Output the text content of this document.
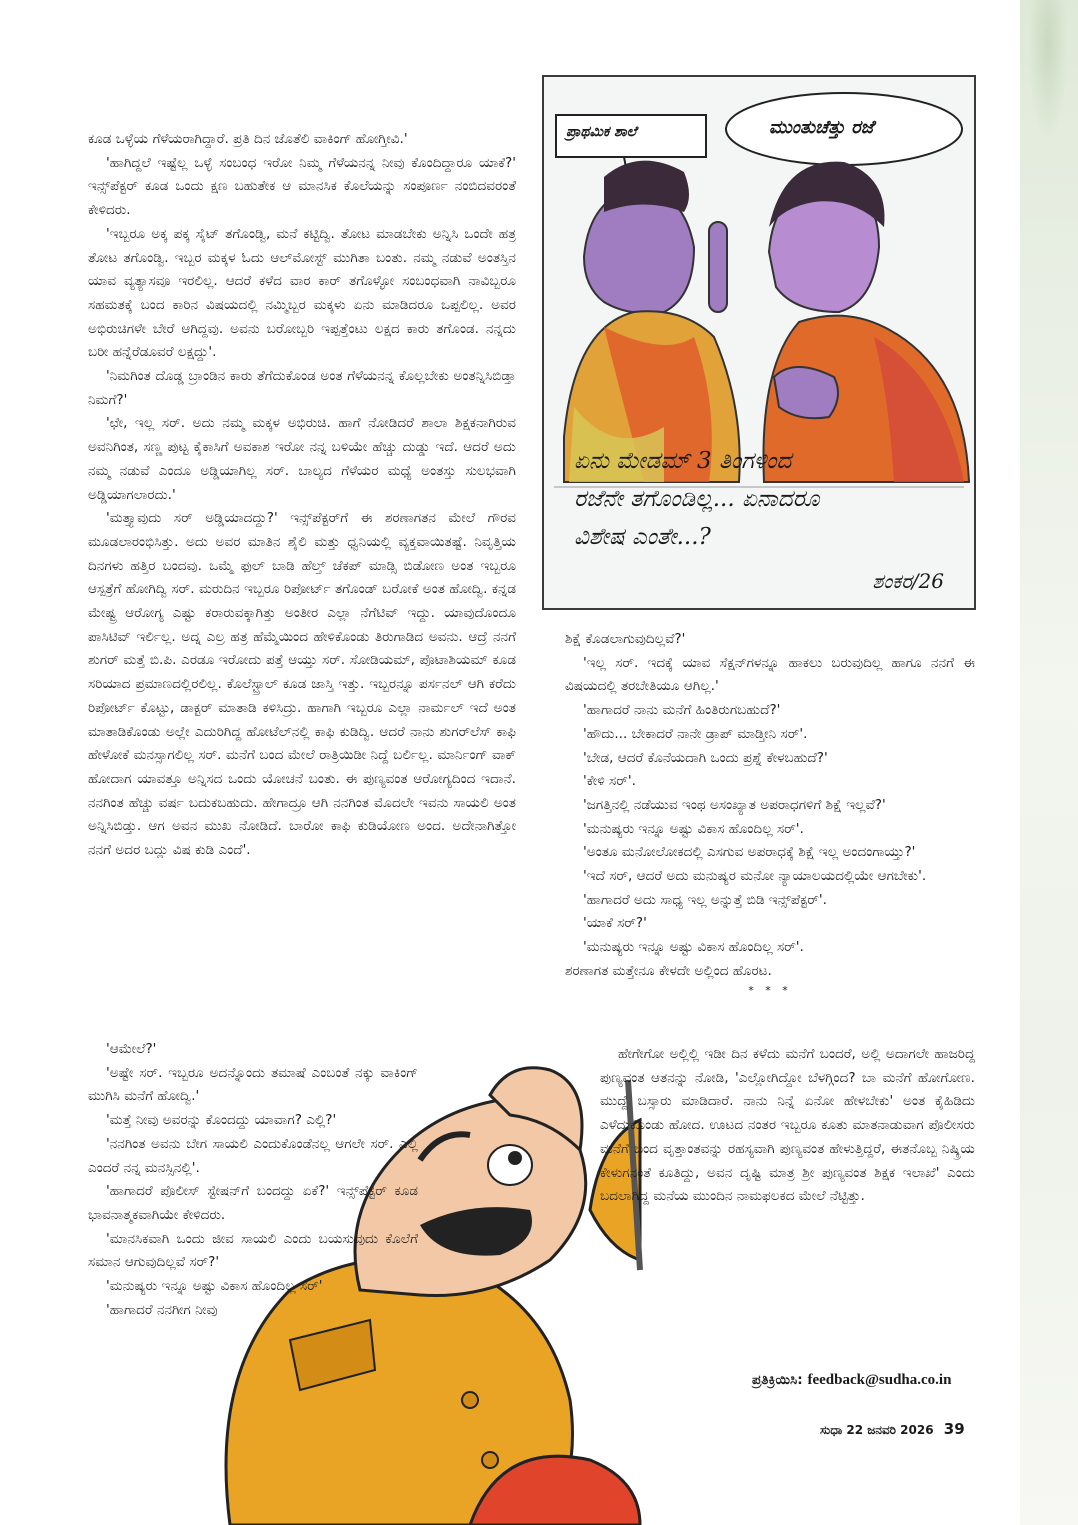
ಪ್ರಾಥಮಿಕ ಶಾಲೆ	ಮುಂತುಚೆತ್ತು ರಜೆ
ಏನು ಮೇಡಮ್ 3 ತಿಂಗಳಿಂದ
ರಜೆನೇ ತಗೊಂಡಿಲ್ಲ... ಏನಾದರೂ
ವಿಶೇಷ ಎಂತೇ...?
ಶಂಕರ/26

ಕೂಡ ಒಳ್ಳೆಯ ಗೆಳೆಯರಾಗಿದ್ದಾರೆ. ಪ್ರತಿ ದಿನ ಜೊತೆಲಿ ವಾಕಿಂಗ್ ಹೋಗ್ತೀವಿ.'

'ಹಾಗಿದ್ದಲೆ ಇಷ್ಟೆಲ್ಲ ಒಳ್ಳೆ ಸಂಬಂಧ ಇರೋ ನಿಮ್ಮ ಗೆಳೆಯನನ್ನ ನೀವು ಕೊಂದಿದ್ದಾರೂ ಯಾಕೆ?' ಇನ್ಸ್‌ಪೆಕ್ಟರ್ ಕೂಡ ಒಂದು ಕ್ಷಣ ಬಹುತೇಕ ಆ ಮಾನಸಿಕ ಕೊಲೆಯನ್ನು ಸಂಪೂರ್ಣ ನಂಬಿದವರಂತೆ ಕೇಳಿದರು.

'ಇಬ್ಬರೂ ಅಕ್ಕ ಪಕ್ಕ ಸೈಟ್ ತಗೊಂಡ್ವಿ, ಮನೆ ಕಟ್ಟಿದ್ವಿ. ತೋಟ ಮಾಡಬೇಕು ಅನ್ನಿಸಿ ಒಂದೇ ಹತ್ರ ತೋಟ ತಗೊಂಡ್ವಿ. ಇಬ್ಬರ ಮಕ್ಕಳ ಓದು ಆಲ್‌ಮೋಸ್ಟ್ ಮುಗಿತಾ ಬಂತು. ನಮ್ಮ ನಡುವೆ ಅಂತಸ್ತಿನ ಯಾವ ವ್ಯತ್ಯಾಸವೂ ಇರಲಿಲ್ಲ. ಆದರೆ ಕಳೆದ ವಾರ ಕಾರ್ ತಗೊಳ್ಳೋ ಸಂಬಂಧವಾಗಿ ನಾವಿಬ್ಬರೂ ಸಹಮತಕ್ಕೆ ಬಂದ ಕಾರಿನ ವಿಷಯದಲ್ಲಿ ನಮ್ಮಿಬ್ಬರ ಮಕ್ಕಳು ಏನು ಮಾಡಿದರೂ ಒಪ್ಪಲಿಲ್ಲ. ಅವರ ಅಭಿರುಚಿಗಳೇ ಬೇರೆ ಆಗಿದ್ದವು. ಅವನು ಬರೋಬ್ಬರಿ ಇಪ್ಪತ್ತೆಂಟು ಲಕ್ಷದ ಕಾರು ತಗೊಂಡ. ನನ್ನದು ಬರೀ ಹನ್ನೆರೆಡೂವರೆ ಲಕ್ಷದ್ದು'.

'ನಿಮಗಿಂತ ದೊಡ್ಡ ಬ್ರಾಂಡಿನ ಕಾರು ತೆಗೆದುಕೊಂಡ ಅಂತ ಗೆಳೆಯನನ್ನ ಕೊಲ್ಲಬೇಕು ಅಂತನ್ನಿಸಿಬಿಡ್ತಾ ನಿಮಗೆ?'

'ಛೇ, ಇಲ್ಲ ಸರ್. ಅದು ನಮ್ಮ ಮಕ್ಕಳ ಅಭಿರುಚಿ. ಹಾಗೆ ನೋಡಿದರೆ ಶಾಲಾ ಶಿಕ್ಷಕನಾಗಿರುವ ಅವನಿಗಿಂತ, ಸಣ್ಣ ಪುಟ್ಟ ಕೈಕಾಸಿಗೆ ಅವಕಾಶ ಇರೋ ನನ್ನ ಬಳಿಯೇ ಹೆಚ್ಚು ದುಡ್ಡು ಇದೆ. ಆದರೆ ಅದು ನಮ್ಮ ನಡುವೆ ಎಂದೂ ಅಡ್ಡಿಯಾಗಿಲ್ಲ ಸರ್. ಬಾಲ್ಯದ ಗೆಳೆಯರ ಮಧ್ಯೆ ಅಂತಸ್ತು ಸುಲಭವಾಗಿ ಅಡ್ಡಿಯಾಗಲಾರದು.'

'ಮತ್ತ್ಯಾವುದು ಸರ್ ಅಡ್ಡಿಯಾದದ್ದು?' ಇನ್ಸ್‌ಪೆಕ್ಟರ್‌ಗೆ ಈ ಶರಣಾಗತನ ಮೇಲೆ ಗೌರವ ಮೂಡಲಾರಂಭಿಸಿತ್ತು. ಅದು ಅವರ ಮಾತಿನ ಶೈಲಿ ಮತ್ತು ಧ್ವನಿಯಲ್ಲಿ ವ್ಯಕ್ತವಾಯಿತಷ್ಟೆ. ನಿವೃತ್ತಿಯ ದಿನಗಳು ಹತ್ತಿರ ಬಂದವು. ಒಮ್ಮೆ ಫುಲ್ ಬಾಡಿ ಹೆಲ್ತ್ ಚೆಕಪ್ ಮಾಡ್ಸಿ ಬಿಡೋಣ ಅಂತ ಇಬ್ಬರೂ ಆಸ್ಪತ್ರೆಗೆ ಹೋಗಿದ್ವಿ ಸರ್. ಮರುದಿನ ಇಬ್ಬರೂ ರಿಪೋರ್ಟ್ ತಗೊಂಡ್ ಬರೋಕೆ ಅಂತ ಹೋದ್ವಿ. ಕನ್ನಡ ಮೇಷ್ಟ್ರ ಆರೋಗ್ಯ ಎಷ್ಟು ಕರಾರುವಕ್ಕಾಗಿತ್ತು ಅಂತೀರ ಎಲ್ಲಾ ನೆಗೆಟಿವ್ ಇದ್ದು. ಯಾವುದೊಂದೂ ಪಾಸಿಟಿವ್ ಇರ್ಲಿಲ್ಲ. ಅದ್ನ ಎಲ್ರ ಹತ್ರ ಹೆಮ್ಮೆಯಿಂದ ಹೇಳಿಕೊಂಡು ತಿರುಗಾಡಿದ ಅವನು. ಆದ್ರೆ ನನಗೆ ಶುಗರ್ ಮತ್ತೆ ಬಿ.ಪಿ. ಎರಡೂ ಇರೋದು ಪತ್ತೆ ಆಯ್ತು ಸರ್. ಸೋಡಿಯಮ್, ಪೊಟಾಶಿಯಮ್ ಕೂಡ ಸರಿಯಾದ ಪ್ರಮಾಣದಲ್ಲಿರಲಿಲ್ಲ. ಕೊಲೆಸ್ಟ್ರಾಲ್ ಕೂಡ ಜಾಸ್ತಿ ಇತ್ತು. ಇಬ್ಬರನ್ನೂ ಪರ್ಸನಲ್ ಆಗಿ ಕರೆದು ರಿಪೋರ್ಟ್ ಕೊಟ್ಟು, ಡಾಕ್ಟರ್ ಮಾತಾಡಿ ಕಳಿಸಿದ್ರು. ಹಾಗಾಗಿ ಇಬ್ಬರೂ ಎಲ್ಲಾ ನಾರ್ಮಲ್ ಇದೆ ಅಂತ ಮಾತಾಡಿಕೊಂಡು ಅಲ್ಲೇ ಎದುರಿಗಿದ್ದ ಹೋಟೆಲ್‌ನಲ್ಲಿ ಕಾಫಿ ಕುಡಿದ್ವಿ. ಆದರೆ ನಾನು ಶುಗರ್‌ಲೆಸ್ ಕಾಫಿ ಹೇಳೋಕೆ ಮನಸ್ಸಾಗಲಿಲ್ಲ ಸರ್. ಮನೆಗೆ ಬಂದ ಮೇಲೆ ರಾತ್ರಿಯಿಡೀ ನಿದ್ದೆ ಬರ್ಲಿಲ್ಲ. ಮಾರ್ನಿಂಗ್ ವಾಕ್ ಹೋದಾಗ ಯಾವತ್ತೂ ಅನ್ನಿಸದ ಒಂದು ಯೋಚನೆ ಬಂತು. ಈ ಪುಣ್ಯವಂತ ಆರೋಗ್ಯದಿಂದ ಇದಾನೆ. ನನಗಿಂತ ಹೆಚ್ಚು ವರ್ಷ ಬದುಕಬಹುದು. ಹೇಗಾದ್ರೂ ಆಗಿ ನನಗಿಂತ ಮೊದಲೇ ಇವನು ಸಾಯಲಿ ಅಂತ ಅನ್ನಿಸಿಬಿಡ್ತು. ಆಗ ಅವನ ಮುಖ ನೋಡಿದೆ. ಬಾರೋ ಕಾಫಿ ಕುಡಿಯೋಣ ಅಂದ. ಅದೇನಾಗಿತ್ತೋ ನನಗೆ ಅದರ ಬದ್ಲು ವಿಷ ಕುಡಿ ಎಂದೆ'.

'ಆಮೇಲೆ?'

'ಅಷ್ಟೇ ಸರ್. ಇಬ್ಬರೂ ಅದನ್ನೊಂದು ತಮಾಷೆ ಎಂಬಂತೆ ನಕ್ಕು ವಾಕಿಂಗ್ ಮುಗಿಸಿ ಮನೆಗೆ ಹೋದ್ವಿ.'

'ಮತ್ತೆ ನೀವು ಅವರನ್ನು ಕೊಂದದ್ದು ಯಾವಾಗ? ಎಲ್ಲಿ?'

'ನನಗಿಂತ ಅವನು ಬೇಗ ಸಾಯಲಿ ಎಂದುಕೊಂಡೆನಲ್ಲ ಆಗಲೇ ಸರ್. ಎಲ್ಲಿ ಎಂದರೆ ನನ್ನ ಮನಸ್ಸಿನಲ್ಲಿ'.

'ಹಾಗಾದರೆ ಪೊಲೀಸ್ ಸ್ಟೇಷನ್‌ಗೆ ಬಂದದ್ದು ಏಕೆ?' ಇನ್ಸ್‌ಪೆಕ್ಟರ್ ಕೂಡ ಭಾವನಾತ್ಮಕವಾಗಿಯೇ ಕೇಳಿದರು.

'ಮಾನಸಿಕವಾಗಿ ಒಂದು ಜೀವ ಸಾಯಲಿ ಎಂದು ಬಯಸುವುದು ಕೊಲೆಗೆ ಸಮಾನ ಆಗುವುದಿಲ್ಲವೆ ಸರ್?'

'ಮನುಷ್ಯರು ಇನ್ನೂ ಅಷ್ಟು ವಿಕಾಸ ಹೊಂದಿಲ್ಲ ಸರ್'

'ಹಾಗಾದರೆ ನನಗೀಗ ನೀವು

ಶಿಕ್ಷೆ ಕೊಡಲಾಗುವುದಿಲ್ಲವೆ?'

'ಇಲ್ಲ ಸರ್. ಇದಕ್ಕೆ ಯಾವ ಸೆಕ್ಷನ್‌ಗಳನ್ನೂ ಹಾಕಲು ಬರುವುದಿಲ್ಲ ಹಾಗೂ ನನಗೆ ಈ ವಿಷಯದಲ್ಲಿ ತರಬೇತಿಯೂ ಆಗಿಲ್ಲ.'

'ಹಾಗಾದರೆ ನಾನು ಮನೆಗೆ ಹಿಂತಿರುಗಬಹುದೆ?'

'ಹೌದು... ಬೇಕಾದರೆ ನಾನೇ ಡ್ರಾಪ್ ಮಾಡ್ತೀನಿ ಸರ್'.

'ಬೇಡ, ಆದರೆ ಕೊನೆಯದಾಗಿ ಒಂದು ಪ್ರಶ್ನೆ ಕೇಳಬಹುದೆ?'

'ಕೇಳಿ ಸರ್'.

'ಜಗತ್ತಿನಲ್ಲಿ ನಡೆಯುವ ಇಂಥ ಅಸಂಖ್ಯಾತ ಅಪರಾಧಗಳಿಗೆ ಶಿಕ್ಷೆ ಇಲ್ಲವೆ?'

'ಮನುಷ್ಯರು ಇನ್ನೂ ಅಷ್ಟು ವಿಕಾಸ ಹೊಂದಿಲ್ಲ ಸರ್'.

'ಅಂತೂ ಮನೋಲೋಕದಲ್ಲಿ ಎಸಗುವ ಅಪರಾಧಕ್ಕೆ ಶಿಕ್ಷೆ ಇಲ್ಲ ಅಂದಂಗಾಯ್ತು?'

'ಇದೆ ಸರ್, ಆದರೆ ಅದು ಮನುಷ್ಯರ ಮನೋ ನ್ಯಾಯಾಲಯದಲ್ಲಿಯೇ ಆಗಬೇಕು'.

'ಹಾಗಾದರೆ ಅದು ಸಾಧ್ಯ ಇಲ್ಲ ಅನ್ನುತ್ತೆ ಬಿಡಿ ಇನ್ಸ್‌ಪೆಕ್ಟರ್'.

'ಯಾಕೆ ಸರ್?'

'ಮನುಷ್ಯರು ಇನ್ನೂ ಅಷ್ಟು ವಿಕಾಸ ಹೊಂದಿಲ್ಲ ಸರ್'.

ಶರಣಾಗತ ಮತ್ತೇನೂ ಕೇಳದೇ ಅಲ್ಲಿಂದ ಹೊರಟ.

* * *

ಹೇಗೇಗೋ ಅಲ್ಲಿಲ್ಲಿ ಇಡೀ ದಿನ ಕಳೆದು ಮನೆಗೆ ಬಂದರೆ, ಅಲ್ಲಿ ಅದಾಗಲೇ ಹಾಜರಿದ್ದ ಪುಣ್ಯವಂತ ಆತನನ್ನು ನೋಡಿ, 'ಎಲ್ಲೋಗಿದ್ದೋ ಬೆಳಗ್ಗಿಂದ? ಬಾ ಮನೆಗೆ ಹೋಗೋಣ. ಮುದ್ದೆ ಬಸ್ಸಾರು ಮಾಡಿದಾರೆ. ನಾನು ನಿನ್ನೆ ಏನೋ ಹೇಳಬೇಕು' ಅಂತ ಕೈಹಿಡಿದು ಎಳೆದುಕೊಂಡು ಹೋದ. ಊಟದ ನಂತರ ಇಬ್ಬರೂ ಕೂತು ಮಾತನಾಡುವಾಗ ಪೊಲೀಸರು ಮನೆಗೆ ಬಂದ ವೃತ್ತಾಂತವನ್ನು ರಹಸ್ಯವಾಗಿ ಪುಣ್ಯವಂತ ಹೇಳುತ್ತಿದ್ದರೆ, ಈತನೊಬ್ಬ ನಿಷ್ಕ್ರಿಯ ಕೇಳುಗನಂತೆ ಕೂತಿದ್ದು, ಅವನ ದೃಷ್ಟಿ ಮಾತ್ರ ಶ್ರೀ ಪುಣ್ಯವಂತ ಶಿಕ್ಷಕ ಇಲಾಖೆ' ಎಂದು ಬದಲಾಗಿದ್ದ ಮನೆಯ ಮುಂದಿನ ನಾಮಫಲಕದ ಮೇಲೆ ನೆಟ್ಟಿತ್ತು.

ಪ್ರತಿಕ್ರಿಯಿಸಿ: feedback@sudha.co.in
ಸುಧಾ 22 ಜನವರಿ 2026 39
